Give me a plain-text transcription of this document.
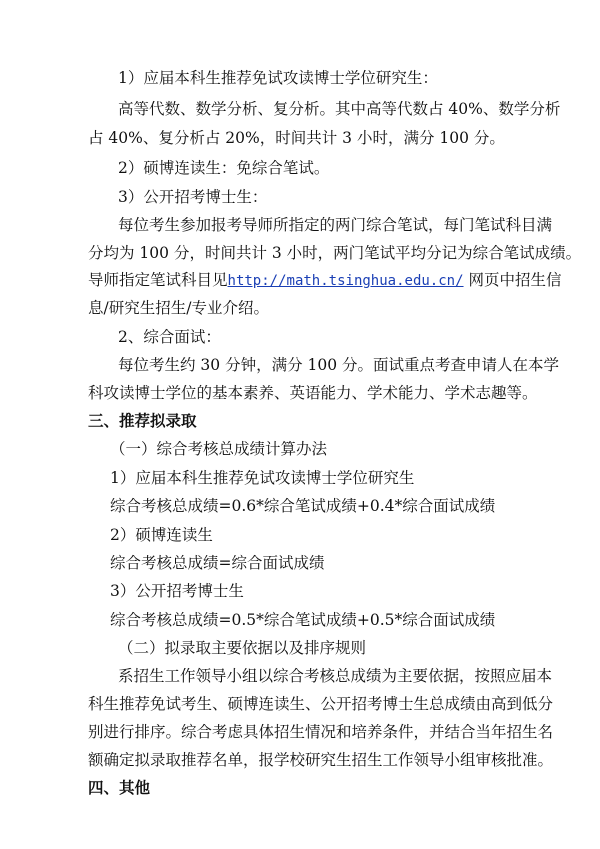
1）应届本科生推荐免试攻读博士学位研究生：
高等代数、数学分析、复分析。其中高等代数占 40%、数学分析
占 40%、复分析占 20%，时间共计 3 小时，满分 100 分。
2）硕博连读生：免综合笔试。
3）公开招考博士生：
每位考生参加报考导师所指定的两门综合笔试，每门笔试科目满
分均为 100 分，时间共计 3 小时，两门笔试平均分记为综合笔试成绩。
导师指定笔试科目见http://math.tsinghua.edu.cn/ 网页中招生信
息/研究生招生/专业介绍。
2、综合面试：
每位考生约 30 分钟，满分 100 分。面试重点考查申请人在本学
科攻读博士学位的基本素养、英语能力、学术能力、学术志趣等。
三、推荐拟录取
（一）综合考核总成绩计算办法
1）应届本科生推荐免试攻读博士学位研究生
综合考核总成绩=0.6*综合笔试成绩+0.4*综合面试成绩
2）硕博连读生
综合考核总成绩=综合面试成绩
3）公开招考博士生
综合考核总成绩=0.5*综合笔试成绩+0.5*综合面试成绩
（二）拟录取主要依据以及排序规则
系招生工作领导小组以综合考核总成绩为主要依据，按照应届本
科生推荐免试考生、硕博连读生、公开招考博士生总成绩由高到低分
别进行排序。综合考虑具体招生情况和培养条件，并结合当年招生名
额确定拟录取推荐名单，报学校研究生招生工作领导小组审核批准。
四、其他
